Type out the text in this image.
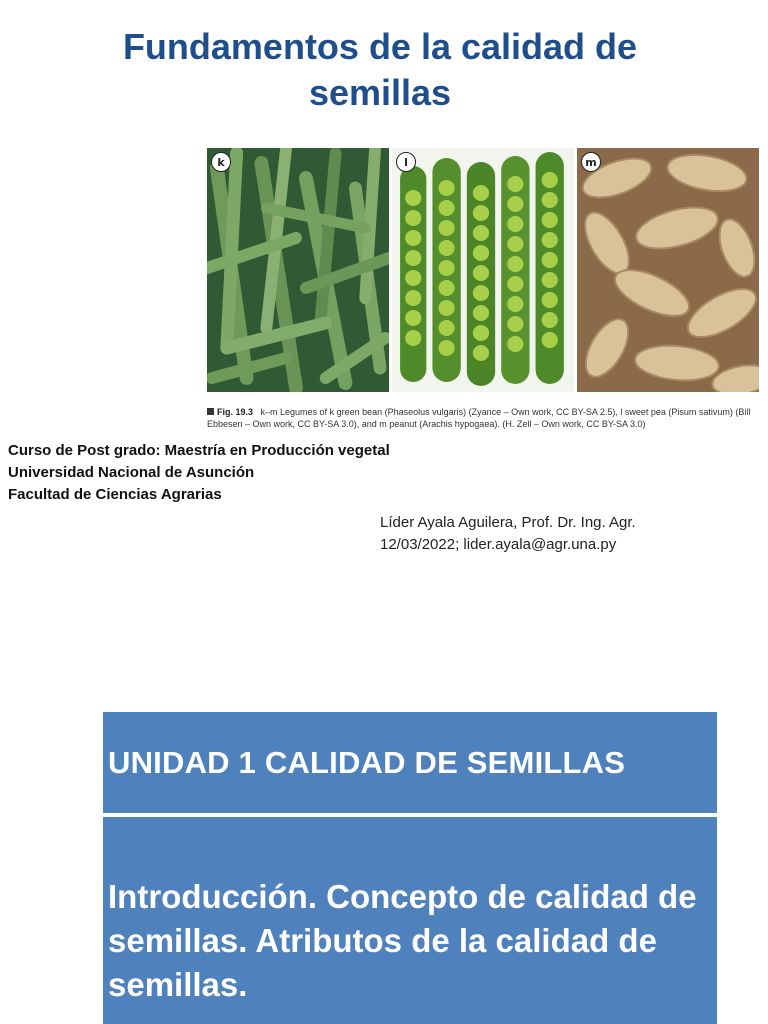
Fundamentos de la calidad de
semillas
k	l	m
Fig. 19.3 k–m Legumes of k green bean (Phaseolus vulgaris) (Zyance – Own work, CC BY-SA 2.5), l sweet pea (Pisum sativum) (Bill Ebbesen – Own work, CC BY-SA 3.0), and m peanut (Arachis hypogaea). (H. Zell – Own work, CC BY-SA 3.0)
Curso de Post grado: Maestría en Producción vegetal
Universidad Nacional de Asunción
Facultad de Ciencias Agrarias
Líder Ayala Aguilera, Prof. Dr. Ing. Agr.
12/03/2022; lider.ayala@agr.una.py
UNIDAD 1 CALIDAD DE SEMILLAS
Introducción. Concepto de calidad de semillas. Atributos de la calidad de semillas.
